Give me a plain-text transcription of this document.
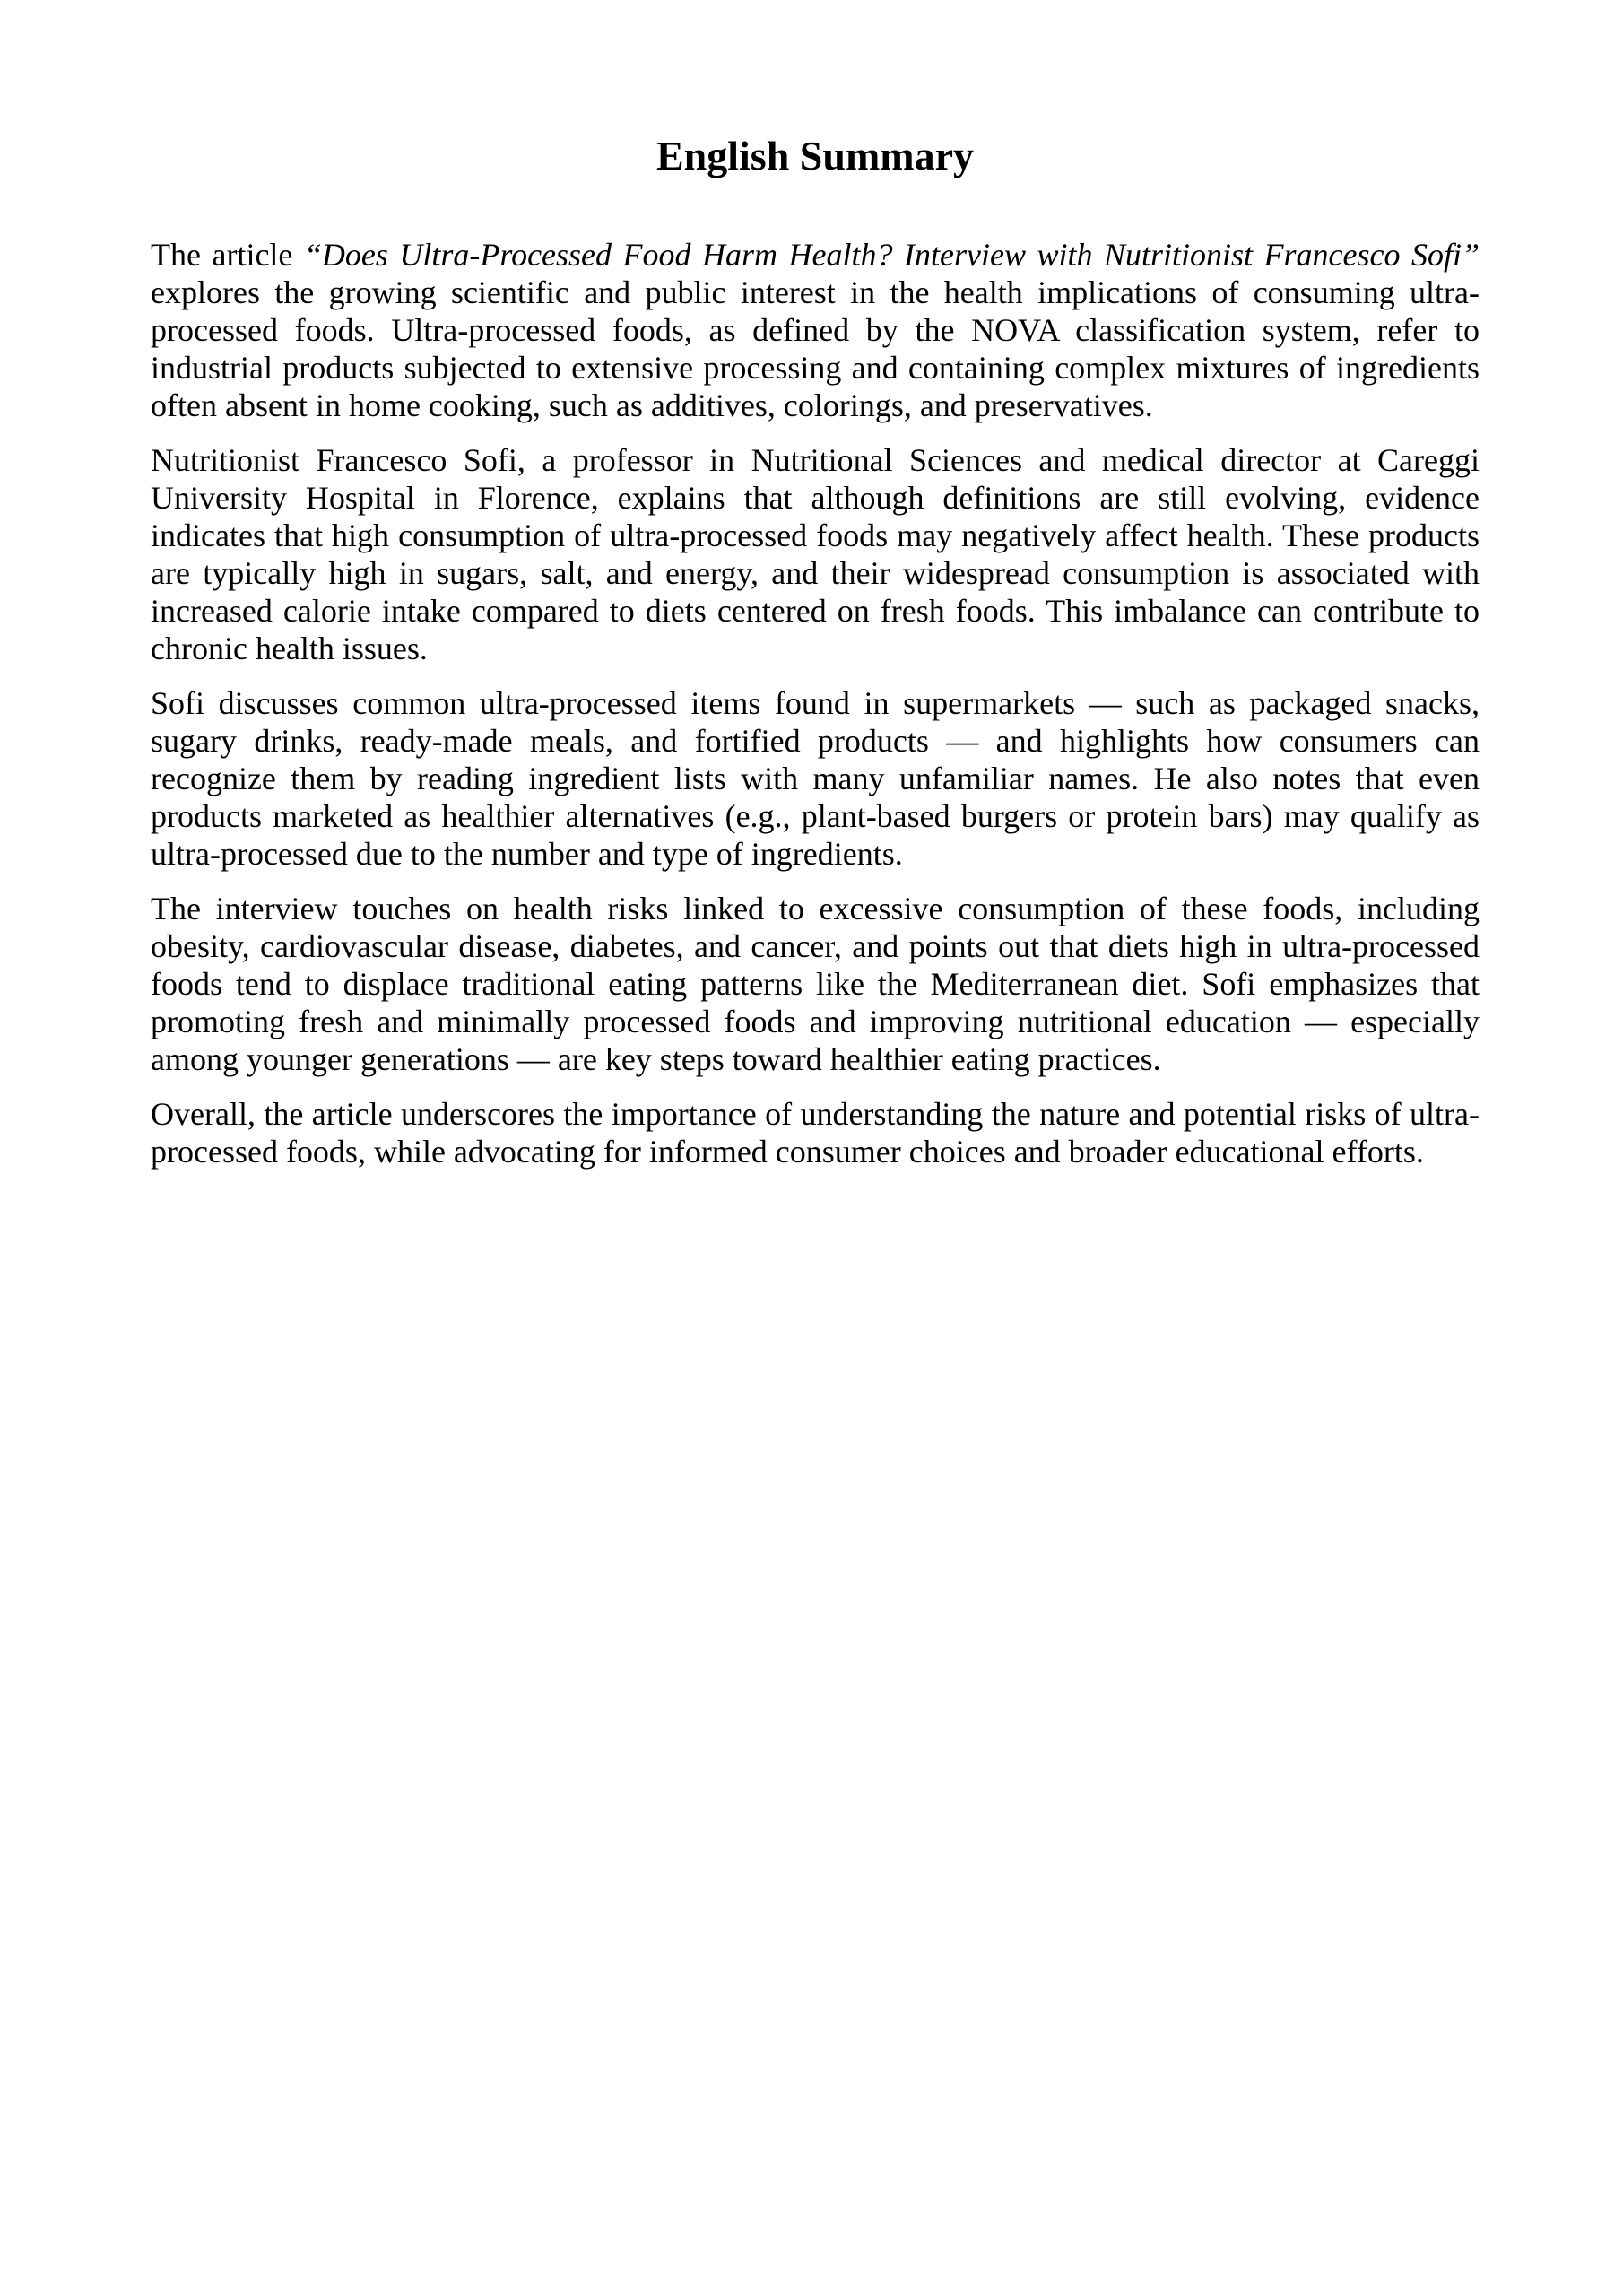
English Summary

The article “Does Ultra-Processed Food Harm Health? Interview with Nutritionist Francesco Sofi” explores the growing scientific and public interest in the health implications of consuming ultra-processed foods. Ultra-processed foods, as defined by the NOVA classification system, refer to industrial products subjected to extensive processing and containing complex mixtures of ingredients often absent in home cooking, such as additives, colorings, and preservatives.

Nutritionist Francesco Sofi, a professor in Nutritional Sciences and medical director at Careggi University Hospital in Florence, explains that although definitions are still evolving, evidence indicates that high consumption of ultra-processed foods may negatively affect health. These products are typically high in sugars, salt, and energy, and their widespread consumption is associated with increased calorie intake compared to diets centered on fresh foods. This imbalance can contribute to chronic health issues.

Sofi discusses common ultra-processed items found in supermarkets — such as packaged snacks, sugary drinks, ready-made meals, and fortified products — and highlights how consumers can recognize them by reading ingredient lists with many unfamiliar names. He also notes that even products marketed as healthier alternatives (e.g., plant-based burgers or protein bars) may qualify as ultra-processed due to the number and type of ingredients.

The interview touches on health risks linked to excessive consumption of these foods, including obesity, cardiovascular disease, diabetes, and cancer, and points out that diets high in ultra-processed foods tend to displace traditional eating patterns like the Mediterranean diet. Sofi emphasizes that promoting fresh and minimally processed foods and improving nutritional education — especially among younger generations — are key steps toward healthier eating practices.

Overall, the article underscores the importance of understanding the nature and potential risks of ultra-processed foods, while advocating for informed consumer choices and broader educational efforts.
